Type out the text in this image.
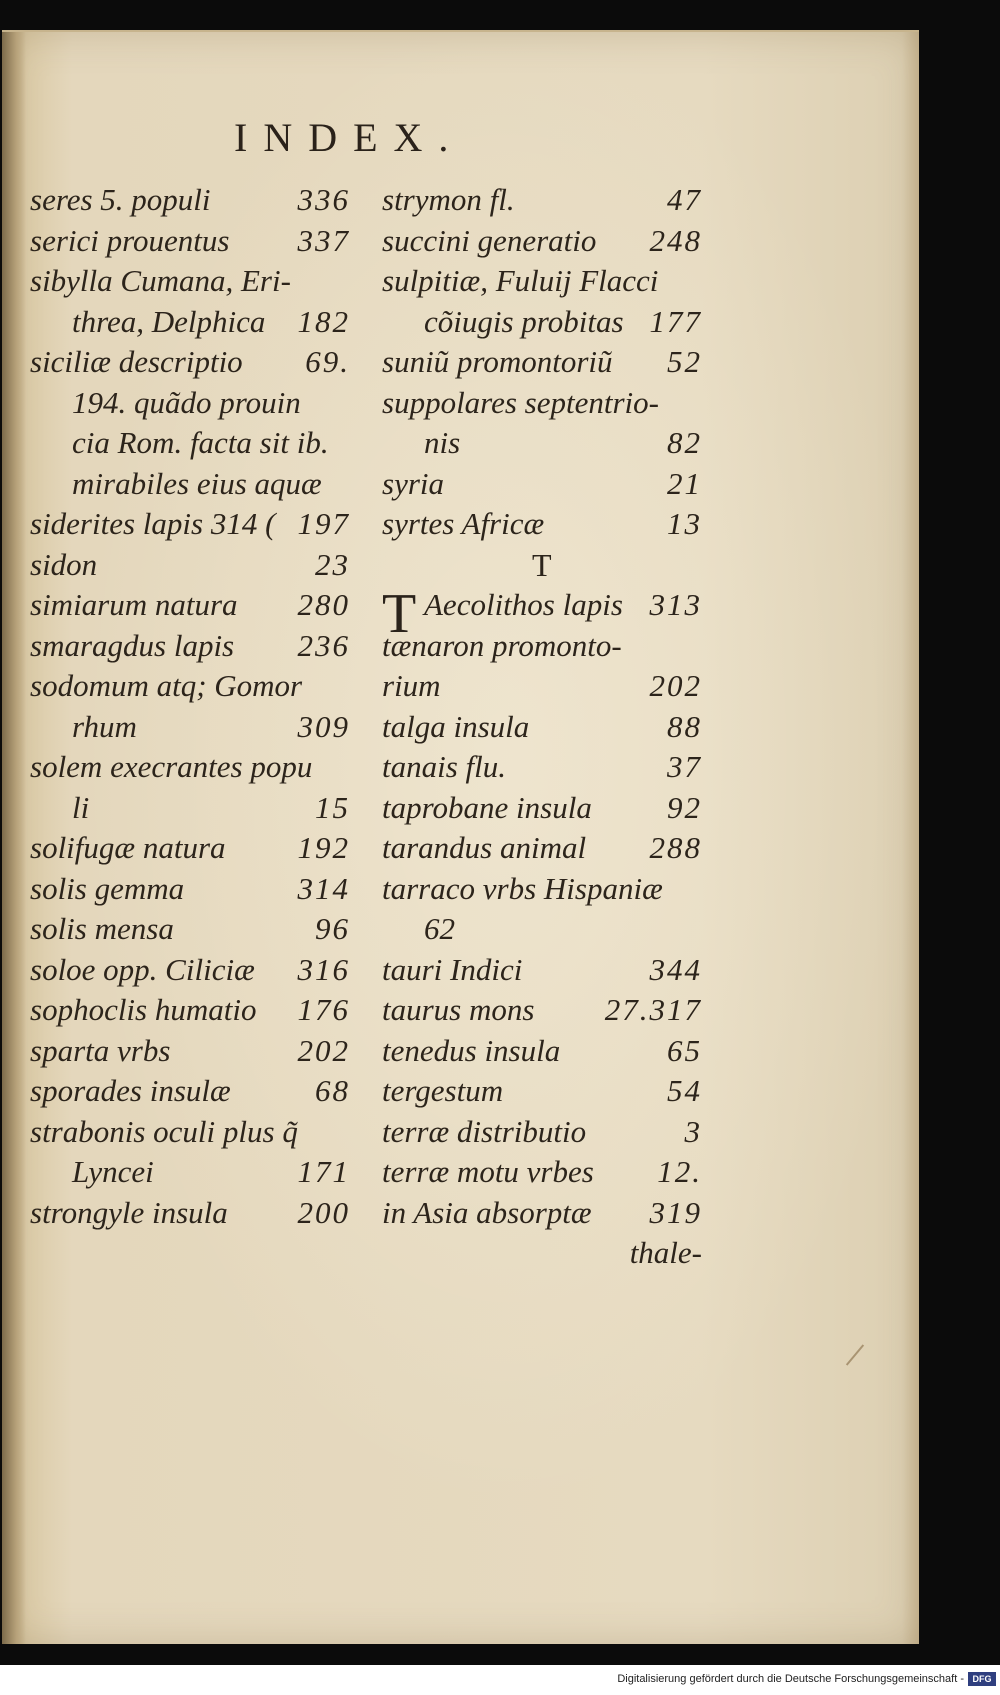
INDEX.
seres 5. populi	336
serici prouentus 337
sibylla Cumana, Eri-
threa, Delphica 182
siciliæ descriptio 69.
194. quãdo prouin
cia Rom. facta sit ib.
mirabiles eius aquæ
siderites lapis 314 ( 197
sidon	23
simiarum natura 280
smaragdus lapis 236
sodomum atq; Gomor
rhum	309
solem execrantes popu
li	15
solifugæ natura 192
solis gemma	314
solis mensa	96
soloe opp. Ciliciæ 316
sophoclis humatio 176
sparta vrbs	202
sporades insulæ	68
strabonis oculi plus q̃
Lyncei	171
strongyle insula 200
strymon fl.	47
succini generatio 248
sulpitiæ, Fuluij Flacci
cõiugis probitas 177
suniũ promontoriũ 52
suppolares septentrio-
nis	82
syria	21
syrtes Africæ	13
T
T Aecolithos lapis 313
tænaron promonto-
rium	202
talga insula	88
tanais flu.	37
taprobane insula 92
tarandus animal 288
tarraco vrbs Hispaniæ
62
tauri Indici	344
taurus mons 27.317
tenedus insula	65
tergestum	54
terræ distributio	3
terræ motu vrbes 12.
in Asia absorptæ 319
thale-
Digitalisierung gefördert durch die Deutsche Forschungsgemeinschaft - DFG
